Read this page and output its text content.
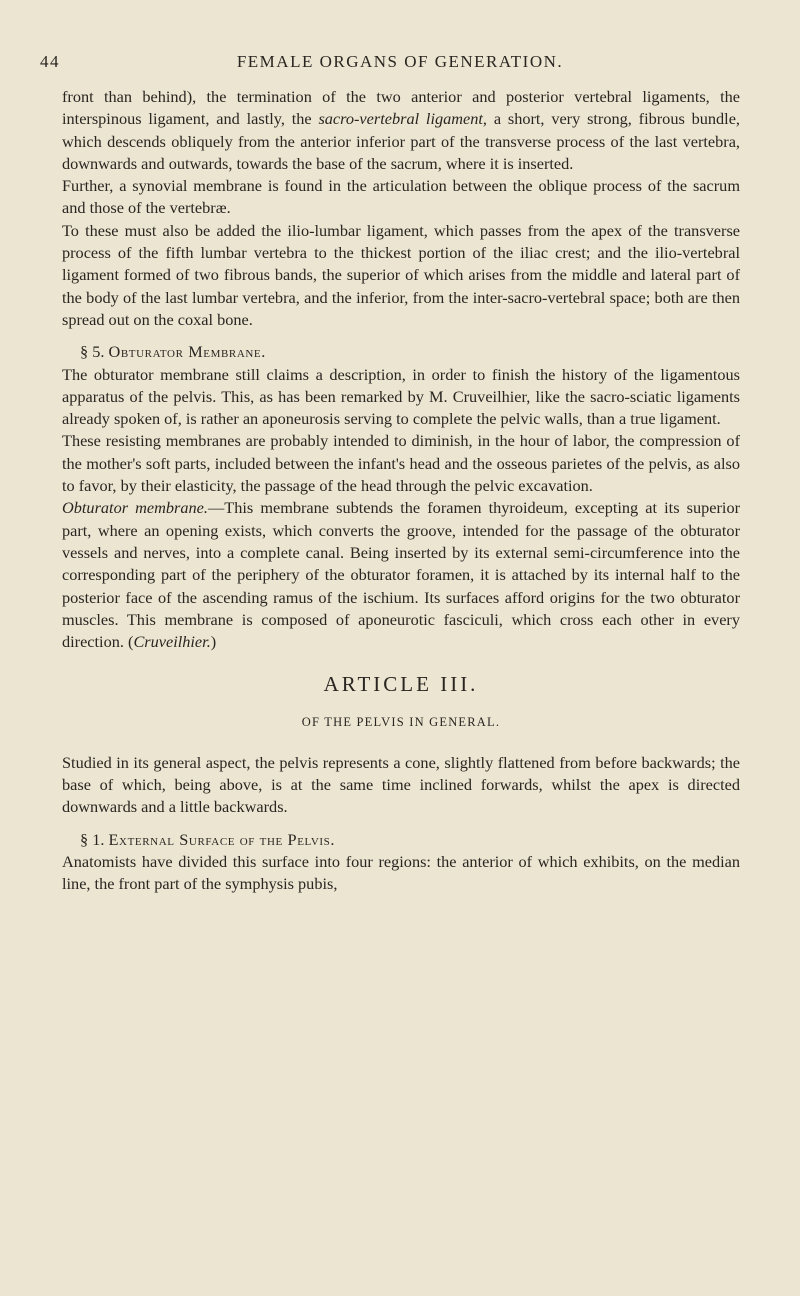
44	FEMALE ORGANS OF GENERATION.

front than behind), the termination of the two anterior and posterior vertebral ligaments, the interspinous ligament, and lastly, the sacro-vertebral ligament, a short, very strong, fibrous bundle, which descends obliquely from the anterior inferior part of the transverse process of the last vertebra, downwards and outwards, towards the base of the sacrum, where it is inserted.

Further, a synovial membrane is found in the articulation between the oblique process of the sacrum and those of the vertebræ.

To these must also be added the ilio-lumbar ligament, which passes from the apex of the transverse process of the fifth lumbar vertebra to the thickest portion of the iliac crest; and the ilio-vertebral ligament formed of two fibrous bands, the superior of which arises from the middle and lateral part of the body of the last lumbar vertebra, and the inferior, from the inter-sacro-vertebral space; both are then spread out on the coxal bone.

§ 5. Obturator Membrane.

The obturator membrane still claims a description, in order to finish the history of the ligamentous apparatus of the pelvis. This, as has been remarked by M. Cruveilhier, like the sacro-sciatic ligaments already spoken of, is rather an aponeurosis serving to complete the pelvic walls, than a true ligament.

These resisting membranes are probably intended to diminish, in the hour of labor, the compression of the mother's soft parts, included between the infant's head and the osseous parietes of the pelvis, as also to favor, by their elasticity, the passage of the head through the pelvic excavation.

Obturator membrane.—This membrane subtends the foramen thyroideum, excepting at its superior part, where an opening exists, which converts the groove, intended for the passage of the obturator vessels and nerves, into a complete canal. Being inserted by its external semi-circumference into the corresponding part of the periphery of the obturator foramen, it is attached by its internal half to the posterior face of the ascending ramus of the ischium. Its surfaces afford origins for the two obturator muscles. This membrane is composed of aponeurotic fasciculi, which cross each other in every direction. (Cruveilhier.)

ARTICLE III.
OF THE PELVIS IN GENERAL.

Studied in its general aspect, the pelvis represents a cone, slightly flattened from before backwards; the base of which, being above, is at the same time inclined forwards, whilst the apex is directed downwards and a little backwards.

§ 1. External Surface of the Pelvis.

Anatomists have divided this surface into four regions: the anterior of which exhibits, on the median line, the front part of the symphysis pubis,
